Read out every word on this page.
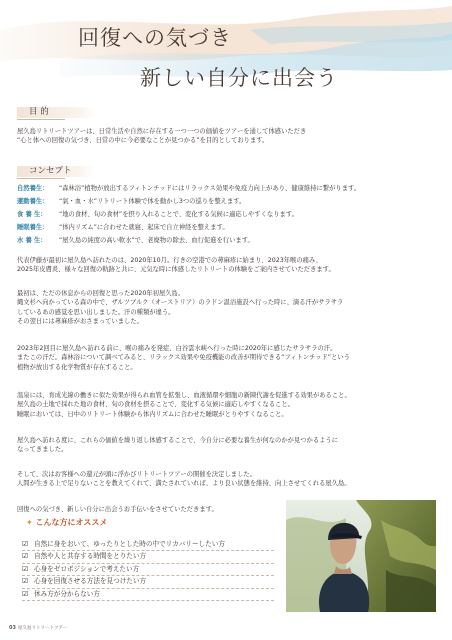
回復への気づき
新しい自分に出会う
目 的
屋久島リトリートツアーは、日常生活や自然に存在する一つ一つの価値をツアーを通して体感いただき
“心と体への回復の気づき、日常の中に今必要なことが見つかる”を目的としております。
コンセプト
自然養生： “森林浴”植物が放出するフィトンチッドにはリラックス効果や免疫力向上があり、健康維持に繋がります。
運動養生： “氣・血・水”リトリート体験で体を動かし3つの巡りを整えます。
食 養 生： “地の食材、旬の食材”を摂り入れることで、変化する気候に適応しやすくなります。
睡眠養生： “体内リズム”に合わせた就寝、起床で自立神経を整えます。
水 養 生： “屋久島の純度の高い軟水”で、老廃物の除去、血行促進を行います。
代表伊藤が最初に屋久島へ訪れたのは、2020年10月。行きの空港での蕁麻疹に始まり、2023年喉の痛み、
2025年皮膚炎、様々な回復の軌跡と共に、元気な時に体感したリトリートの体験をご案内させていただきます。
最初は、ただの休息からの回復と思った2020年初屋久島。
縄文杉へ向かっている森の中で、ザルツブルク（オーストリア）のラドン温浴施設へ行った時に、滴る汗がサラサラ
しているあの感覚を思い出しました。汗の種類が違う。
その翌日には蕁麻疹がおさまっていました。
2023年2回目に屋久島へ訪れる前に、喉の痛みを発症、白谷雲水峡へ行った時に2020年に感じたサラサラの汗。
またこの汗だ。森林浴について調べてみると、リラックス効果や免疫機能の改善が期待できる“フィトンチッド”という
植物が放出する化学物質が存在すること。
温泉には、育成光線の働きに似た効果が得られ血管を拡張し、血液循環や細胞の新陳代謝を促進する効果があること。
屋久島の土地で採れた地の食材、旬の食材を摂ることで、変化する気候に適応しやすくなること。
睡眠においては、日中のリトリート体験から体内リズムに合わせた睡眠がとりやすくなること。
屋久島へ訪れる度に、これらの価値を繰り返し体感することで、今自分に必要な養生が何なのかが見つかるように
なってきました。
そして、次はお客様への還元が頭に浮かびリトリートツアーの開催を決定しました。
人間が生きる上で足りないことを教えてくれて、満たされていれば、より良い状態を維持、向上させてくれる屋久島。
回復への気づき、新しい自分に出会うお手伝いをさせていただきます。
✦ こんな方にオススメ
☑ 自然に身をおいて、ゆったりとした時の中でリカバリーしたい方
☑ 自然や人と共存する時間をとりたい方
☑ 心身をゼロポジションで考えたい方
☑ 心身を回復させる方法を見つけたい方
☑ 休み方が分からない方
03 屋久島リトリートツアー
